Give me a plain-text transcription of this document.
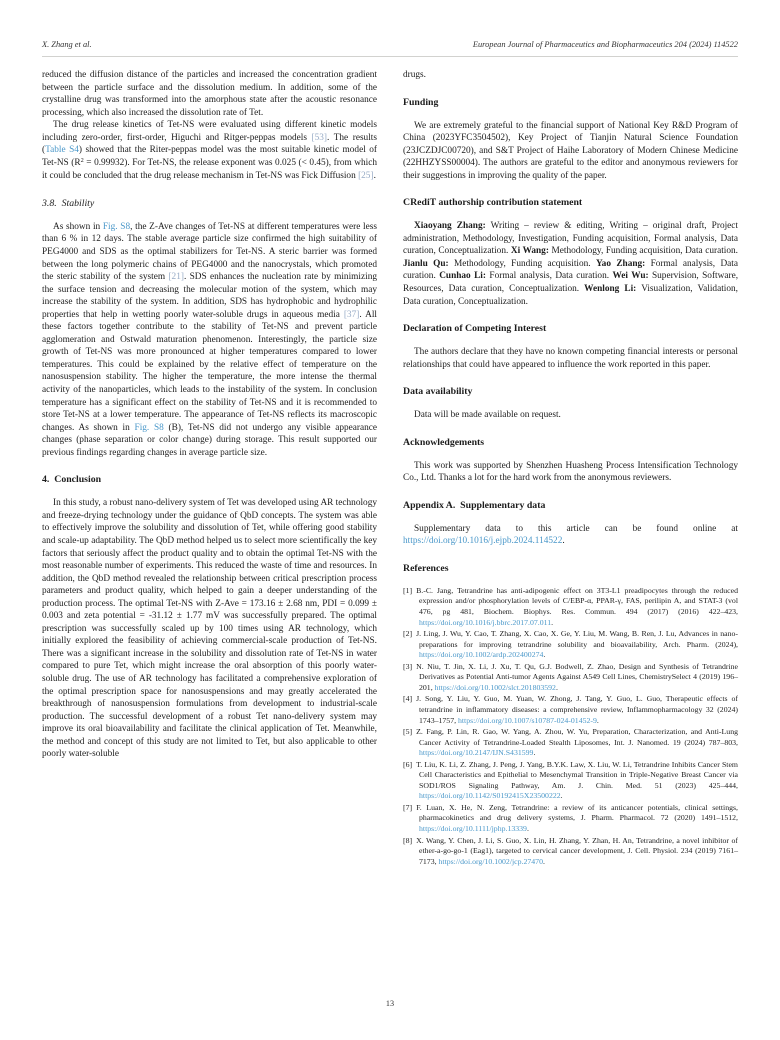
X. Zhang et al.	European Journal of Pharmaceutics and Biopharmaceutics 204 (2024) 114522

reduced the diffusion distance of the particles and increased the concentration gradient between the particle surface and the dissolution medium. In addition, some of the crystalline drug was transformed into the amorphous state after the acoustic resonance processing, which also increased the dissolution rate of Tet.

The drug release kinetics of Tet-NS were evaluated using different kinetic models including zero-order, first-order, Higuchi and Ritger-peppas models [53]. The results (Table S4) showed that the Riter-peppas model was the most suitable kinetic model of Tet-NS $(R^2 = 0.99932)$. For Tet-NS, the release exponent was 0.025 (< 0.45), from which it could be concluded that the drug release mechanism in Tet-NS was Fick Diffusion [25].

3.8.  Stability

As shown in Fig. S8, the Z-Ave changes of Tet-NS at different temperatures were less than 6 % in 12 days. The stable average particle size confirmed the high suitability of PEG4000 and SDS as the optimal stabilizers for Tet-NS. A steric barrier was formed between the long polymeric chains of PEG4000 and the nanocrystals, which promoted the steric stability of the system [21]. SDS enhances the nucleation rate by minimizing the surface tension and decreasing the molecular motion of the system, which may increase the stability of the system. In addition, SDS has hydrophobic and hydrophilic properties that help in wetting poorly water-soluble drugs in aqueous media [37]. All these factors together contribute to the stability of Tet-NS and prevent particle agglomeration and Ostwald maturation phenomenon. Interestingly, the particle size growth of Tet-NS was more pronounced at higher temperatures compared to lower temperatures. This could be explained by the relative effect of temperature on the nanosuspension stability. The higher the temperature, the more intense the thermal activity of the nanoparticles, which leads to the instability of the system. In conclusion temperature has a significant effect on the stability of Tet-NS and it is recommended to store Tet-NS at a lower temperature. The appearance of Tet-NS reflects its macroscopic changes. As shown in Fig. S8 (B), Tet-NS did not undergo any visible appearance changes (phase separation or color change) during storage. This result supported our previous findings regarding changes in average particle size.

4.  Conclusion

In this study, a robust nano-delivery system of Tet was developed using AR technology and freeze-drying technology under the guidance of QbD concepts. The system was able to effectively improve the solubility and dissolution of Tet, while offering good stability and scale-up adaptability. The QbD method helped us to select more scientifically the key factors that seriously affect the product quality and to obtain the optimal Tet-NS with the most reasonable number of experiments. This reduced the waste of time and resources. In addition, the QbD method revealed the relationship between critical prescription process parameters and product quality, which helped to gain a deeper understanding of the production process. The optimal Tet-NS with Z-Ave = 173.16 ± 2.68 nm, PDI = 0.099 ± 0.003 and zeta potential = -31.12 ± 1.77 mV was successfully prepared. The optimal prescription was successfully scaled up by 100 times using AR technology, which initially explored the feasibility of achieving commercial-scale production of Tet-NS. There was a significant increase in the solubility and dissolution rate of Tet-NS in water compared to pure Tet, which might increase the oral absorption of this poorly water-soluble drug. The use of AR technology has facilitated a comprehensive exploration of the optimal prescription space for nanosuspensions and may greatly accelerated the breakthrough of nanosuspension formulations from development to industrial-scale production. The successful development of a robust Tet nano-delivery system may improve its oral bioavailability and facilitate the clinical application of Tet. Meanwhile, the method and concept of this study are not limited to Tet, but also applicable to other poorly water-soluble

drugs.

Funding

We are extremely grateful to the financial support of National Key R&D Program of China (2023YFC3504502), Key Project of Tianjin Natural Science Foundation (23JCZDJC00720), and S&T Project of Haihe Laboratory of Modern Chinese Medicine (22HHZYSS00004). The authors are grateful to the editor and anonymous reviewers for their suggestions in improving the quality of the paper.

CRediT authorship contribution statement

Xiaoyang Zhang: Writing – review & editing, Writing – original draft, Project administration, Methodology, Investigation, Funding acquisition, Formal analysis, Data curation, Conceptualization. Xi Wang: Methodology, Funding acquisition, Data curation. Jianlu Qu: Methodology, Funding acquisition. Yao Zhang: Formal analysis, Data curation. Cunhao Li: Formal analysis, Data curation. Wei Wu: Supervision, Software, Resources, Data curation, Conceptualization. Wenlong Li: Visualization, Validation, Data curation, Conceptualization.

Declaration of Competing Interest

The authors declare that they have no known competing financial interests or personal relationships that could have appeared to influence the work reported in this paper.

Data availability

Data will be made available on request.

Acknowledgements

This work was supported by Shenzhen Huasheng Process Intensification Technology Co., Ltd. Thanks a lot for the hard work from the anonymous reviewers.

Appendix A.  Supplementary data

Supplementary data to this article can be found online at https://doi.org/10.1016/j.ejpb.2024.114522.

References
[1] B.-C. Jang, Tetrandrine has anti-adipogenic effect on 3T3-L1 preadipocytes through the reduced expression and/or phosphorylation levels of C/EBP-α, PPAR-γ, FAS, perilipin A, and STAT-3 (vol 476, pg 481, Biochem. Biophys. Res. Commun. 494 (2017) (2016) 422–423, https://doi.org/10.1016/j.bbrc.2017.07.011.
[2] J. Ling, J. Wu, Y. Cao, T. Zhang, X. Cao, X. Ge, Y. Liu, M. Wang, B. Ren, J. Lu, Advances in nano-preparations for improving tetrandrine solubility and bioavailability, Arch. Pharm. (2024), https://doi.org/10.1002/ardp.202400274.
[3] N. Niu, T. Jin, X. Li, J. Xu, T. Qu, G.J. Bodwell, Z. Zhao, Design and Synthesis of Tetrandrine Derivatives as Potential Anti-tumor Agents Against A549 Cell Lines, ChemistrySelect 4 (2019) 196–201, https://doi.org/10.1002/slct.201803592.
[4] J. Song, Y. Liu, Y. Guo, M. Yuan, W. Zhong, J. Tang, Y. Guo, L. Guo, Therapeutic effects of tetrandrine in inflammatory diseases: a comprehensive review, Inflammopharmacology 32 (2024) 1743–1757, https://doi.org/10.1007/s10787-024-01452-9.
[5] Z. Fang, P. Lin, R. Gao, W. Yang, A. Zhou, W. Yu, Preparation, Characterization, and Anti-Lung Cancer Activity of Tetrandrine-Loaded Stealth Liposomes, Int. J. Nanomed. 19 (2024) 787–803, https://doi.org/10.2147/IJN.S431599.
[6] T. Liu, K. Li, Z. Zhang, J. Peng, J. Yang, B.Y.K. Law, X. Liu, W. Li, Tetrandrine Inhibits Cancer Stem Cell Characteristics and Epithelial to Mesenchymal Transition in Triple-Negative Breast Cancer via SOD1/ROS Signaling Pathway, Am. J. Chin. Med. 51 (2023) 425–444, https://doi.org/10.1142/S0192415X23500222.
[7] F. Luan, X. He, N. Zeng, Tetrandrine: a review of its anticancer potentials, clinical settings, pharmacokinetics and drug delivery systems, J. Pharm. Pharmacol. 72 (2020) 1491–1512, https://doi.org/10.1111/jphp.13339.
[8] X. Wang, Y. Chen, J. Li, S. Guo, X. Lin, H. Zhang, Y. Zhan, H. An, Tetrandrine, a novel inhibitor of ether-a-go-go-1 (Eag1), targeted to cervical cancer development, J. Cell. Physiol. 234 (2019) 7161–7173, https://doi.org/10.1002/jcp.27470.
13
